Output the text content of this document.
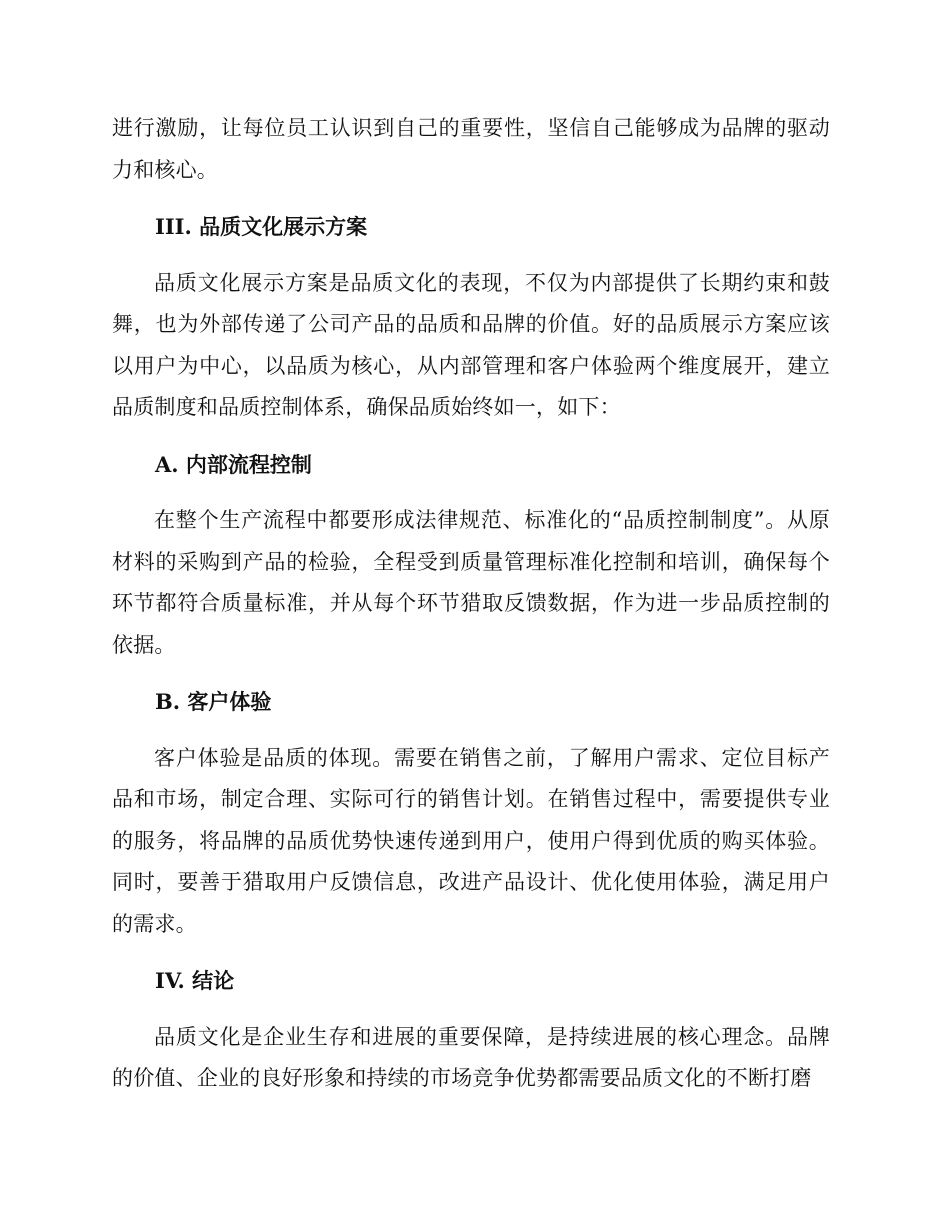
进行激励，让每位员工认识到自己的重要性，坚信自己能够成为品牌的驱动力和核心。

III. 品质文化展示方案

品质文化展示方案是品质文化的表现，不仅为内部提供了长期约束和鼓舞，也为外部传递了公司产品的品质和品牌的价值。好的品质展示方案应该以用户为中心，以品质为核心，从内部管理和客户体验两个维度展开，建立品质制度和品质控制体系，确保品质始终如一，如下：

A. 内部流程控制

在整个生产流程中都要形成法律规范、标准化的“品质控制制度”。从原材料的采购到产品的检验，全程受到质量管理标准化控制和培训，确保每个环节都符合质量标准，并从每个环节猎取反馈数据，作为进一步品质控制的依据。

B. 客户体验

客户体验是品质的体现。需要在销售之前，了解用户需求、定位目标产品和市场，制定合理、实际可行的销售计划。在销售过程中，需要提供专业的服务，将品牌的品质优势快速传递到用户，使用户得到优质的购买体验。同时，要善于猎取用户反馈信息，改进产品设计、优化使用体验，满足用户的需求。

IV. 结论

品质文化是企业生存和进展的重要保障，是持续进展的核心理念。品牌的价值、企业的良好形象和持续的市场竞争优势都需要品质文化的不断打磨
